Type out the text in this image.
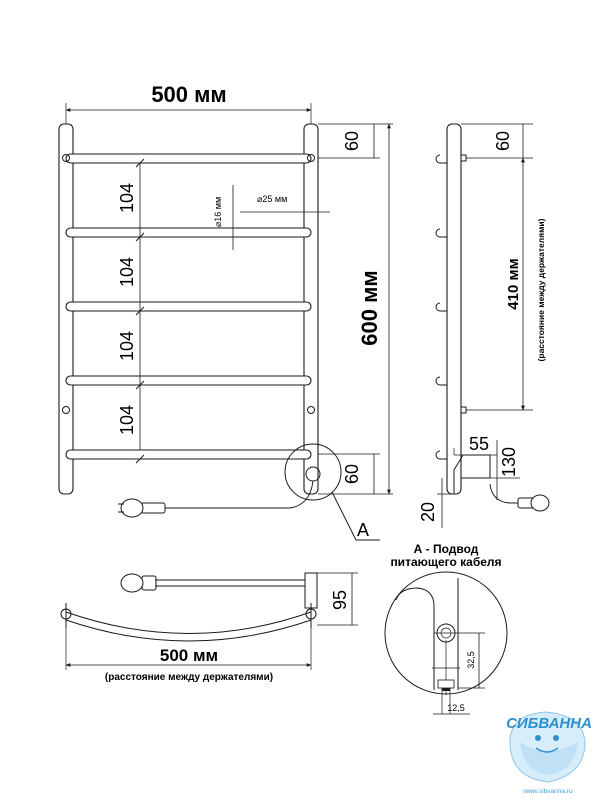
500 мм
104
104
104
104
⌀16 мм	⌀25 мм
60
60
600 мм
A
60
410 мм (расстояние между держателями)
55
130
20
95
500 мм
(расстояние между держателями)
А - Подвод
питающего кабеля
32,5
12,5
СИБВАННА
www.sibvanna.ru
